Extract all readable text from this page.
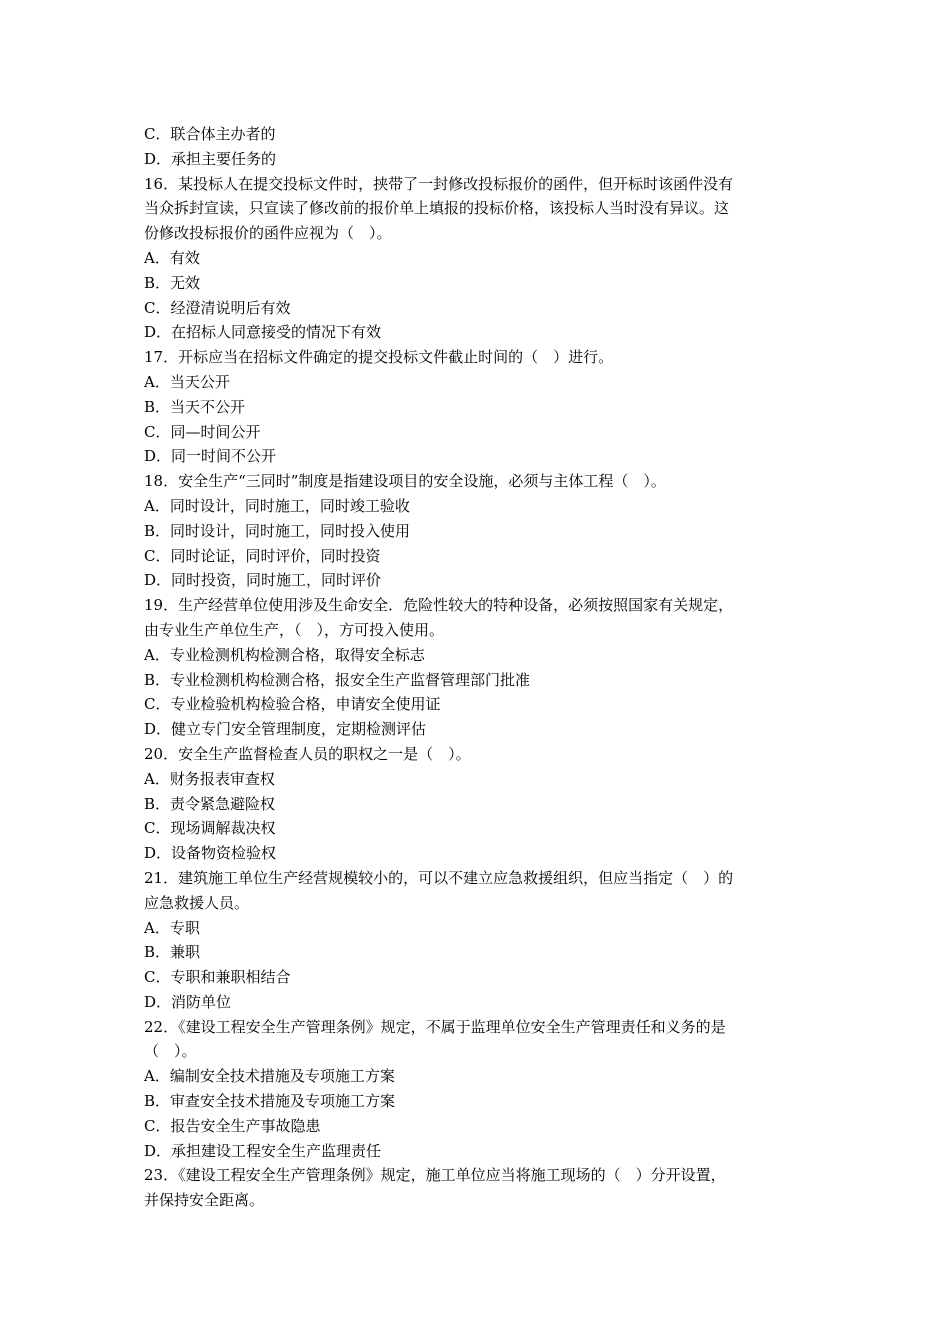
C．联合体主办者的
D．承担主要任务的
16．某投标人在提交投标文件时，挟带了一封修改投标报价的函件，但开标时该函件没有
当众拆封宣读，只宣读了修改前的报价单上填报的投标价格，该投标人当时没有异议。这
份修改投标报价的函件应视为（　）。
A．有效
B．无效
C．经澄清说明后有效
D．在招标人同意接受的情况下有效
17．开标应当在招标文件确定的提交投标文件截止时间的（　）进行。
A．当天公开
B．当天不公开
C．同—时间公开
D．同一时间不公开
18．安全生产“三同时”制度是指建设项目的安全设施，必须与主体工程（　）。
A．同时设计，同时施工，同时竣工验收
B．同时设计，同时施工，同时投入使用
C．同时论证，同时评价，同时投资
D．同时投资，同时施工，同时评价
19．生产经营单位使用涉及生命安全．危险性较大的特种设备，必须按照国家有关规定，
由专业生产单位生产，（　），方可投入使用。
A．专业检测机构检测合格，取得安全标志
B．专业检测机构检测合格，报安全生产监督管理部门批准
C．专业检验机构检验合格，申请安全使用证
D．健立专门安全管理制度，定期检测评估
20．安全生产监督检查人员的职权之一是（　）。
A．财务报表审查权
B．责令紧急避险权
C．现场调解裁决权
D．设备物资检验权
21．建筑施工单位生产经营规模较小的，可以不建立应急救援组织，但应当指定（　）的
应急救援人员。
A．专职
B．兼职
C．专职和兼职相结合
D．消防单位
22．《建设工程安全生产管理条例》规定，不属于监理单位安全生产管理责任和义务的是
（　）。
A．编制安全技术措施及专项施工方案
B．审查安全技术措施及专项施工方案
C．报告安全生产事故隐患
D．承担建设工程安全生产监理责任
23．《建设工程安全生产管理条例》规定，施工单位应当将施工现场的（　）分开设置，
并保持安全距离。
